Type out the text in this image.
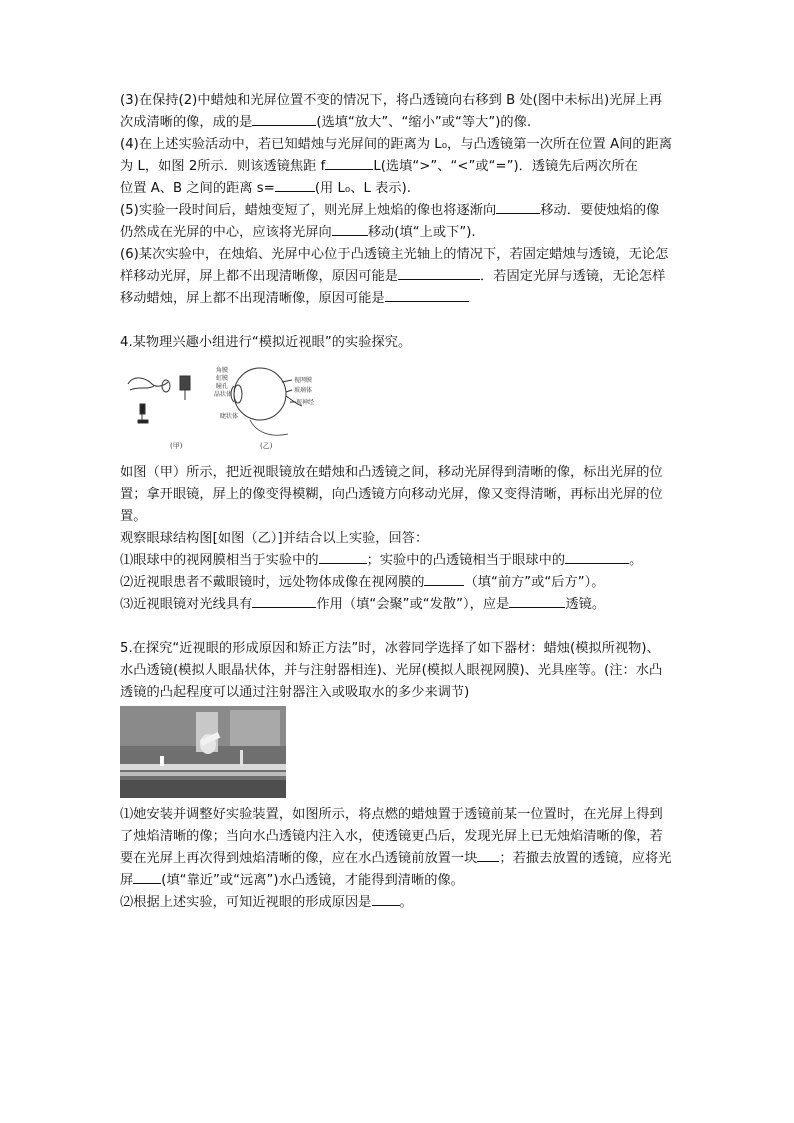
(3)在保持(2)中蜡烛和光屏位置不变的情况下，将凸透镜向右移到 B 处(图中未标出)光屏上再
次成清晰的像，成的是	(选填“放大”、“缩小”或“等大”)的像.
(4)在上述实验活动中，若已知蜡烛与光屏间的距离为 L₀，与凸透镜第一次所在位置 A间的距离
为 L，如图 2所示．则该透镜焦距 f	L(选填“>”、“<”或“=”)．透镜先后两次所在
位置 A、B 之间的距离 s=	(用 L₀、L 表示).
(5)实验一段时间后，蜡烛变短了，则光屏上烛焰的像也将逐渐向	移动．要使烛焰的像
仍然成在光屏的中心，应该将光屏向	移动(填“上或下”).
(6)某次实验中，在烛焰、光屏中心位于凸透镜主光轴上的情况下，若固定蜡烛与透镜，无论怎
样移动光屏，屏上都不出现清晰像，原因可能是	．若固定光屏与透镜，无论怎样
移动蜡烛，屏上都不出现清晰像，原因可能是
4.某物理兴趣小组进行“模拟近视眼”的实验探究。
角膜
虹膜
瞳孔
晶状体
睫状体
视网膜
玻璃体
视神经
(甲)	(乙)
如图（甲）所示，把近视眼镜放在蜡烛和凸透镜之间，移动光屏得到清晰的像，标出光屏的位
置；拿开眼镜，屏上的像变得模糊，向凸透镜方向移动光屏，像又变得清晰，再标出光屏的位
置。
观察眼球结构图[如图（乙）]并结合以上实验，回答：
⑴眼球中的视网膜相当于实验中的	；实验中的凸透镜相当于眼球中的	。
⑵近视眼患者不戴眼镜时，远处物体成像在视网膜的	（填“前方”或“后方”）。
⑶近视眼镜对光线具有	作用（填“会聚”或“发散”），应是	透镜。
5.在探究“近视眼的形成原因和矫正方法”时，冰蓉同学选择了如下器材：蜡烛(模拟所视物)、
水凸透镜(模拟人眼晶状体，并与注射器相连)、光屏(模拟人眼视网膜)、光具座等。(注：水凸
透镜的凸起程度可以通过注射器注入或吸取水的多少来调节)
⑴她安装并调整好实验装置，如图所示，将点燃的蜡烛置于透镜前某一位置时，在光屏上得到
了烛焰清晰的像；当向水凸透镜内注入水，使透镜更凸后，发现光屏上已无烛焰清晰的像，若
要在光屏上再次得到烛焰清晰的像，应在水凸透镜前放置一块 ；若撤去放置的透镜，应将光
屏 (填“靠近”或“远离”)水凸透镜，才能得到清晰的像。
⑵根据上述实验，可知近视眼的形成原因是 。
